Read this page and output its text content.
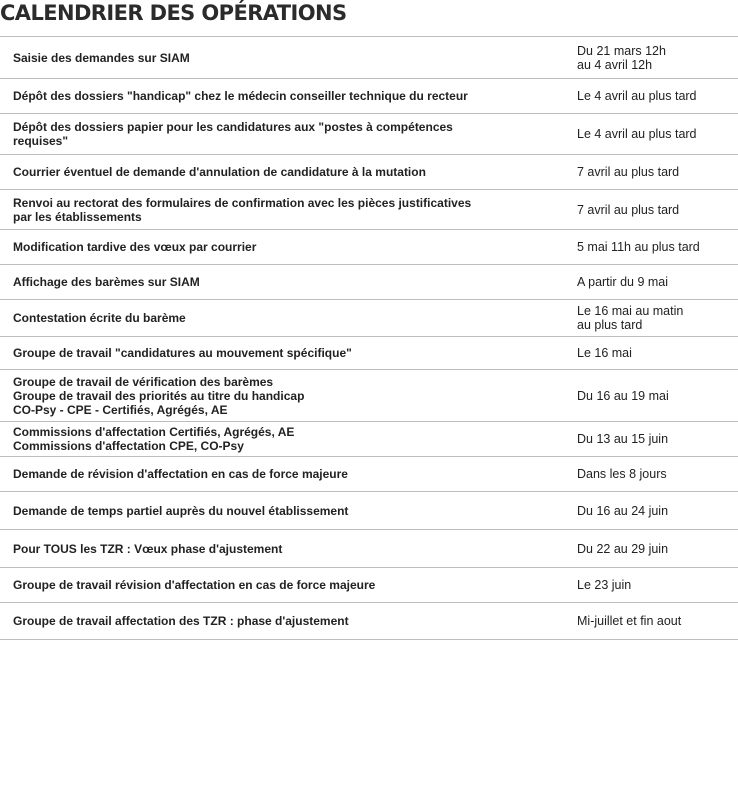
CALENDRIER DES OPÉRATIONS
Saisie des demandes sur SIAM	Du 21 mars 12h
au 4 avril 12h
Dépôt des dossiers "handicap" chez le médecin conseiller technique du recteur	Le 4 avril au plus tard
Dépôt des dossiers papier pour les candidatures aux "postes à compétences
requises"	Le 4 avril au plus tard
Courrier éventuel de demande d'annulation de candidature à la mutation	7 avril au plus tard
Renvoi au rectorat des formulaires de confirmation avec les pièces justificatives
par les établissements	7 avril au plus tard
Modification tardive des vœux par courrier	5 mai 11h au plus tard
Affichage des barèmes sur SIAM	A partir du 9 mai
Contestation écrite du barème	Le 16 mai au matin
au plus tard
Groupe de travail "candidatures au mouvement spécifique"	Le 16 mai
Groupe de travail de vérification des barèmes
Groupe de travail des priorités au titre du handicap
CO-Psy - CPE - Certifiés, Agrégés, AE
Du 16 au 19 mai
Commissions d'affectation Certifiés, Agrégés, AE
Commissions d'affectation CPE, CO-Psy	Du 13 au 15 juin
Demande de révision d'affectation en cas de force majeure	Dans les 8 jours
Demande de temps partiel auprès du nouvel établissement	Du 16 au 24 juin
Pour TOUS les TZR : Vœux phase d'ajustement	Du 22 au 29 juin
Groupe de travail révision d'affectation en cas de force majeure	Le 23 juin
Groupe de travail affectation des TZR : phase d'ajustement	Mi-juillet et fin aout
